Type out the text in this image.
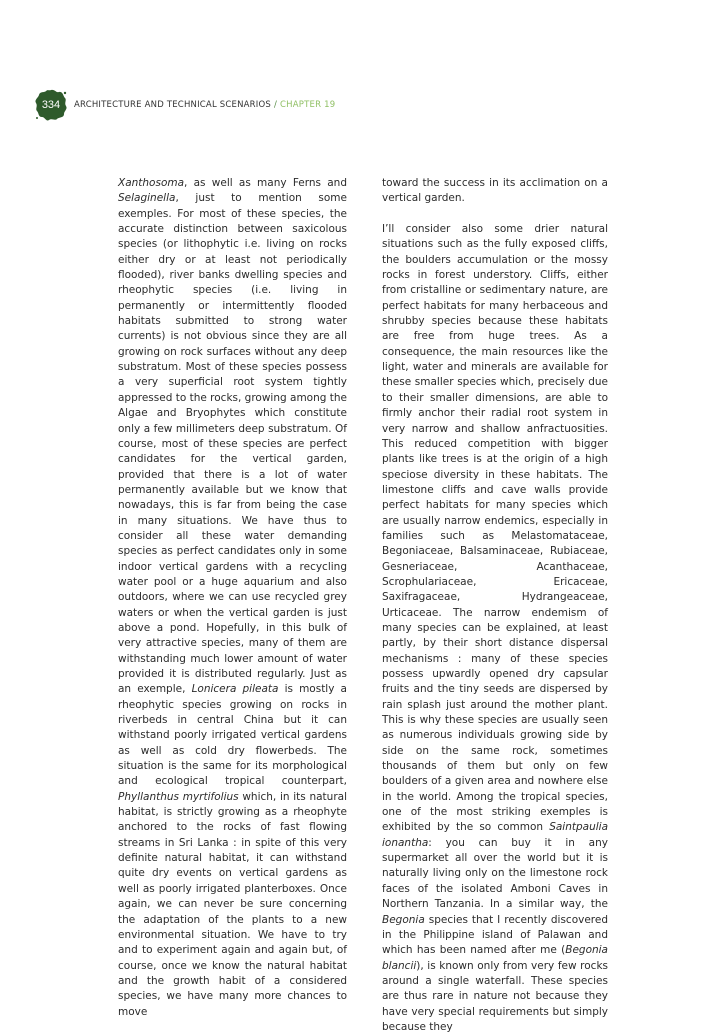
334	ARCHITECTURE AND TECHNICAL SCENARIOS / CHAPTER 19

Xanthosoma, as well as many Ferns and Selaginella, just to mention some exemples. For most of these species, the accurate distinction between saxicolous species (or lithophytic i.e. living on rocks either dry or at least not periodically flooded), river banks dwelling species and rheophytic species (i.e. living in permanently or intermittently flooded habitats submitted to strong water currents) is not obvious since they are all growing on rock surfaces without any deep substratum. Most of these species possess a very superficial root system tightly appressed to the rocks, growing among the Algae and Bryophytes which constitute only a few millimeters deep substratum. Of course, most of these species are perfect candidates for the vertical garden, provided that there is a lot of water permanently available but we know that nowadays, this is far from being the case in many situations. We have thus to consider all these water demanding species as perfect candidates only in some indoor vertical gardens with a recycling water pool or a huge aquarium and also outdoors, where we can use recycled grey waters or when the vertical garden is just above a pond. Hopefully, in this bulk of very attractive species, many of them are withstanding much lower amount of water provided it is distributed regularly. Just as an exemple, Lonicera pileata is mostly a rheophytic species growing on rocks in riverbeds in central China but it can withstand poorly irrigated vertical gardens as well as cold dry flowerbeds. The situation is the same for its morphological and ecological tropical counterpart, Phyllanthus myrtifolius which, in its natural habitat, is strictly growing as a rheophyte anchored to the rocks of fast flowing streams in Sri Lanka : in spite of this very definite natural habitat, it can withstand quite dry events on vertical gardens as well as poorly irrigated planterboxes. Once again, we can never be sure concerning the adaptation of the plants to a new environmental situation. We have to try and to experiment again and again but, of course, once we know the natural habitat and the growth habit of a considered species, we have many more chances to move

toward the success in its acclimation on a vertical garden.

I’ll consider also some drier natural situations such as the fully exposed cliffs, the boulders accumulation or the mossy rocks in forest understory. Cliffs, either from cristalline or sedimentary nature, are perfect habitats for many herbaceous and shrubby species because these habitats are free from huge trees. As a consequence, the main resources like the light, water and minerals are available for these smaller species which, precisely due to their smaller dimensions, are able to firmly anchor their radial root system in very narrow and shallow anfractuosities. This reduced competition with bigger plants like trees is at the origin of a high speciose diversity in these habitats. The limestone cliffs and cave walls provide perfect habitats for many species which are usually narrow endemics, especially in families such as Melastomataceae, Begoniaceae, Balsaminaceae, Rubiaceae, Gesneriaceae, Acanthaceae, Scrophulariaceae, Ericaceae, Saxifragaceae, Hydrangeaceae, Urticaceae. The narrow endemism of many species can be explained, at least partly, by their short distance dispersal mechanisms : many of these species possess upwardly opened dry capsular fruits and the tiny seeds are dispersed by rain splash just around the mother plant. This is why these species are usually seen as numerous individuals growing side by side on the same rock, sometimes thousands of them but only on few boulders of a given area and nowhere else in the world. Among the tropical species, one of the most striking exemples is exhibited by the so common Saintpaulia ionantha: you can buy it in any supermarket all over the world but it is naturally living only on the limestone rock faces of the isolated Amboni Caves in Northern Tanzania. In a similar way, the Begonia species that I recently discovered in the Philippine island of Palawan and which has been named after me (Begonia blancii), is known only from very few rocks around a single waterfall. These species are thus rare in nature not because they have very special requirements but simply because they
